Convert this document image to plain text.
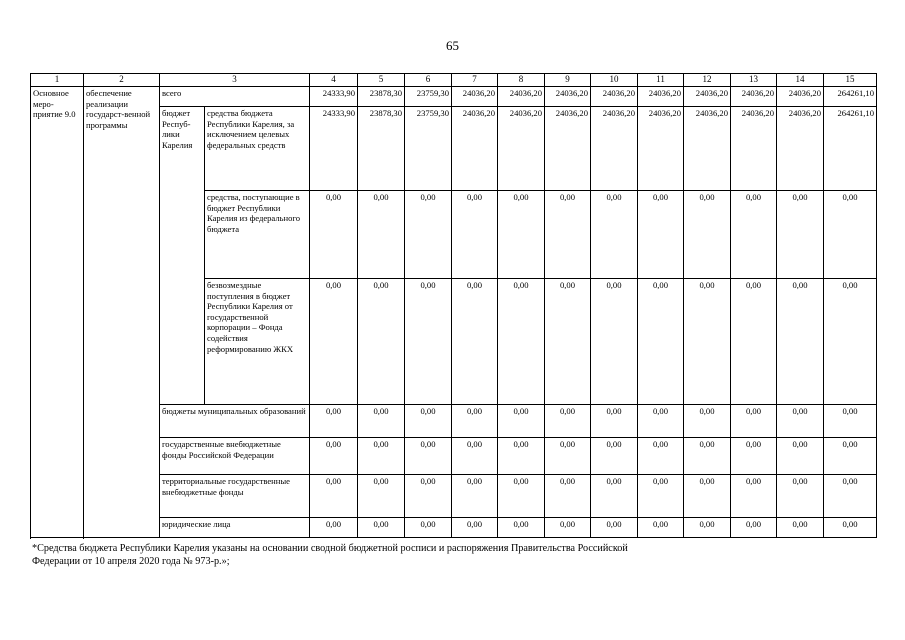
65
1	2	3		4	5	6	7	8	9	10	11	12	13	14	15
Основное меро-приятие 9.0	обеспечение реализации государст-венной программы	всего		24333,90	23878,30	23759,30	24036,20	24036,20	24036,20	24036,20	24036,20	24036,20	24036,20	24036,20	264261,10
		бюджет Респуб-лики Карелия	средства бюджета Республики Карелия, за исключением целевых федеральных средств	24333,90	23878,30	23759,30	24036,20	24036,20	24036,20	24036,20	24036,20	24036,20	24036,20	24036,20	264261,10
			средства, поступающие в бюджет Республики Карелия из федерального бюджета	0,00	0,00	0,00	0,00	0,00	0,00	0,00	0,00	0,00	0,00	0,00	0,00
			безвозмездные поступления в бюджет Республики Карелия от государственной корпорации – Фонда содействия реформированию ЖКХ	0,00	0,00	0,00	0,00	0,00	0,00	0,00	0,00	0,00	0,00	0,00	0,00
		бюджеты муниципальных образований		0,00	0,00	0,00	0,00	0,00	0,00	0,00	0,00	0,00	0,00	0,00	0,00
		государственные внебюджетные фонды Российской Федерации		0,00	0,00	0,00	0,00	0,00	0,00	0,00	0,00	0,00	0,00	0,00	0,00
		территориальные государственные внебюджетные фонды		0,00	0,00	0,00	0,00	0,00	0,00	0,00	0,00	0,00	0,00	0,00	0,00
		юридические лица		0,00	0,00	0,00	0,00	0,00	0,00	0,00	0,00	0,00	0,00	0,00	0,00

*Средства бюджета Республики Карелия указаны на основании сводной бюджетной росписи и распоряжения Правительства Российской
Федерации от 10 апреля 2020 года № 973-р.»;
